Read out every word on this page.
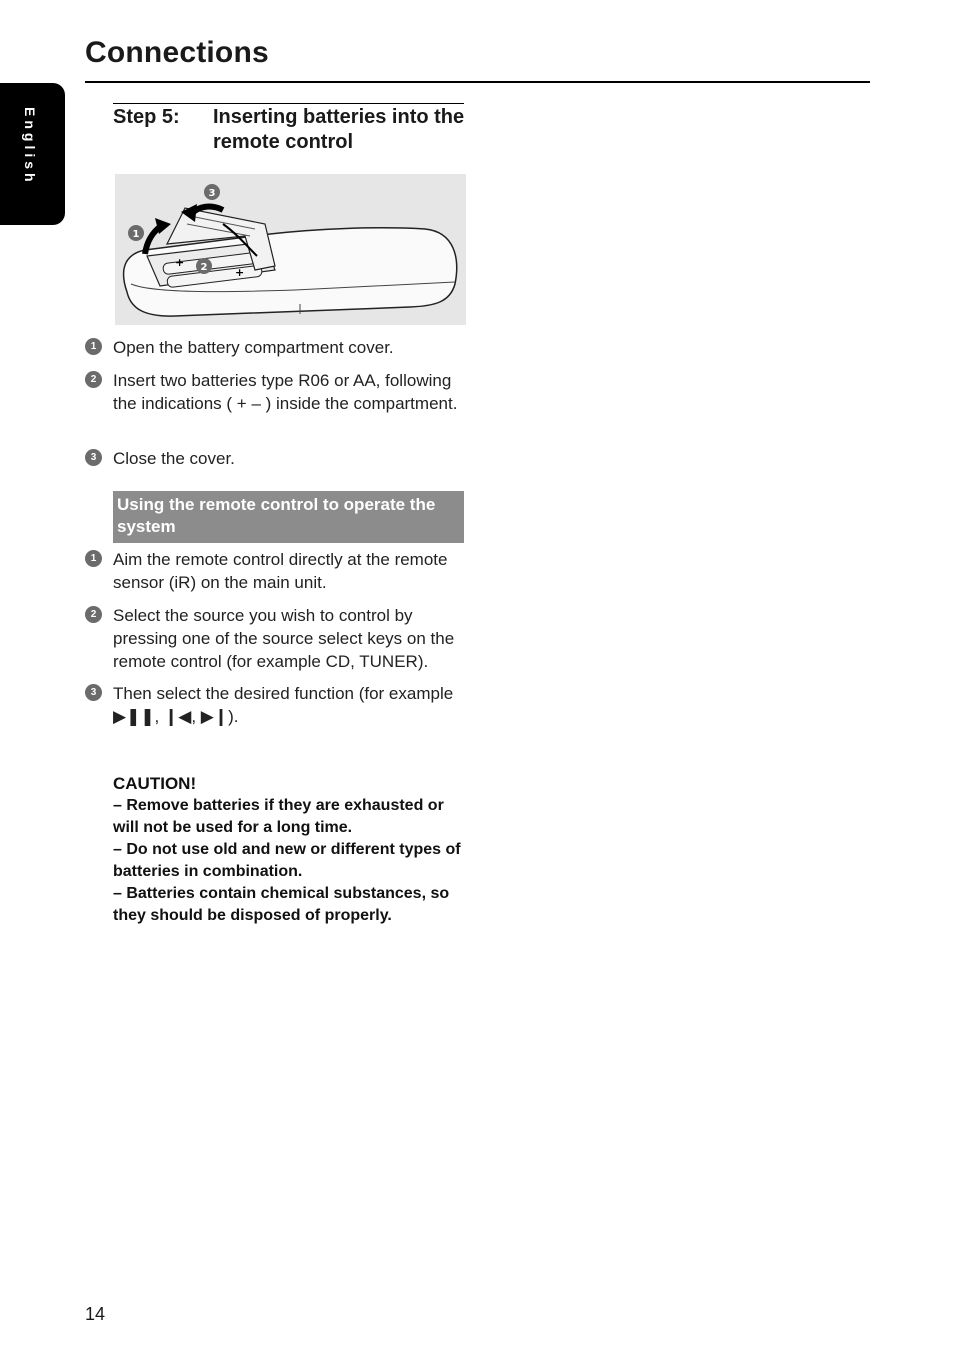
Connections
English	Step 5: Inserting batteries into the remote control
+
+
1
2
3
1 Open the battery compartment cover.
2 Insert two batteries type R06 or AA, following the indications ( + – ) inside the compartment.
3 Close the cover.
Using the remote control to operate the system
1 Aim the remote control directly at the remote sensor (iR) on the main unit.
2 Select the source you wish to control by pressing one of the source select keys on the remote control (for example CD, TUNER).
3 Then select the desired function (for example ▶❚❚, ❙◀, ▶❙).
CAUTION!
– Remove batteries if they are exhausted or will not be used for a long time.
– Do not use old and new or different types of batteries in combination.
– Batteries contain chemical substances, so they should be disposed of properly.
14
